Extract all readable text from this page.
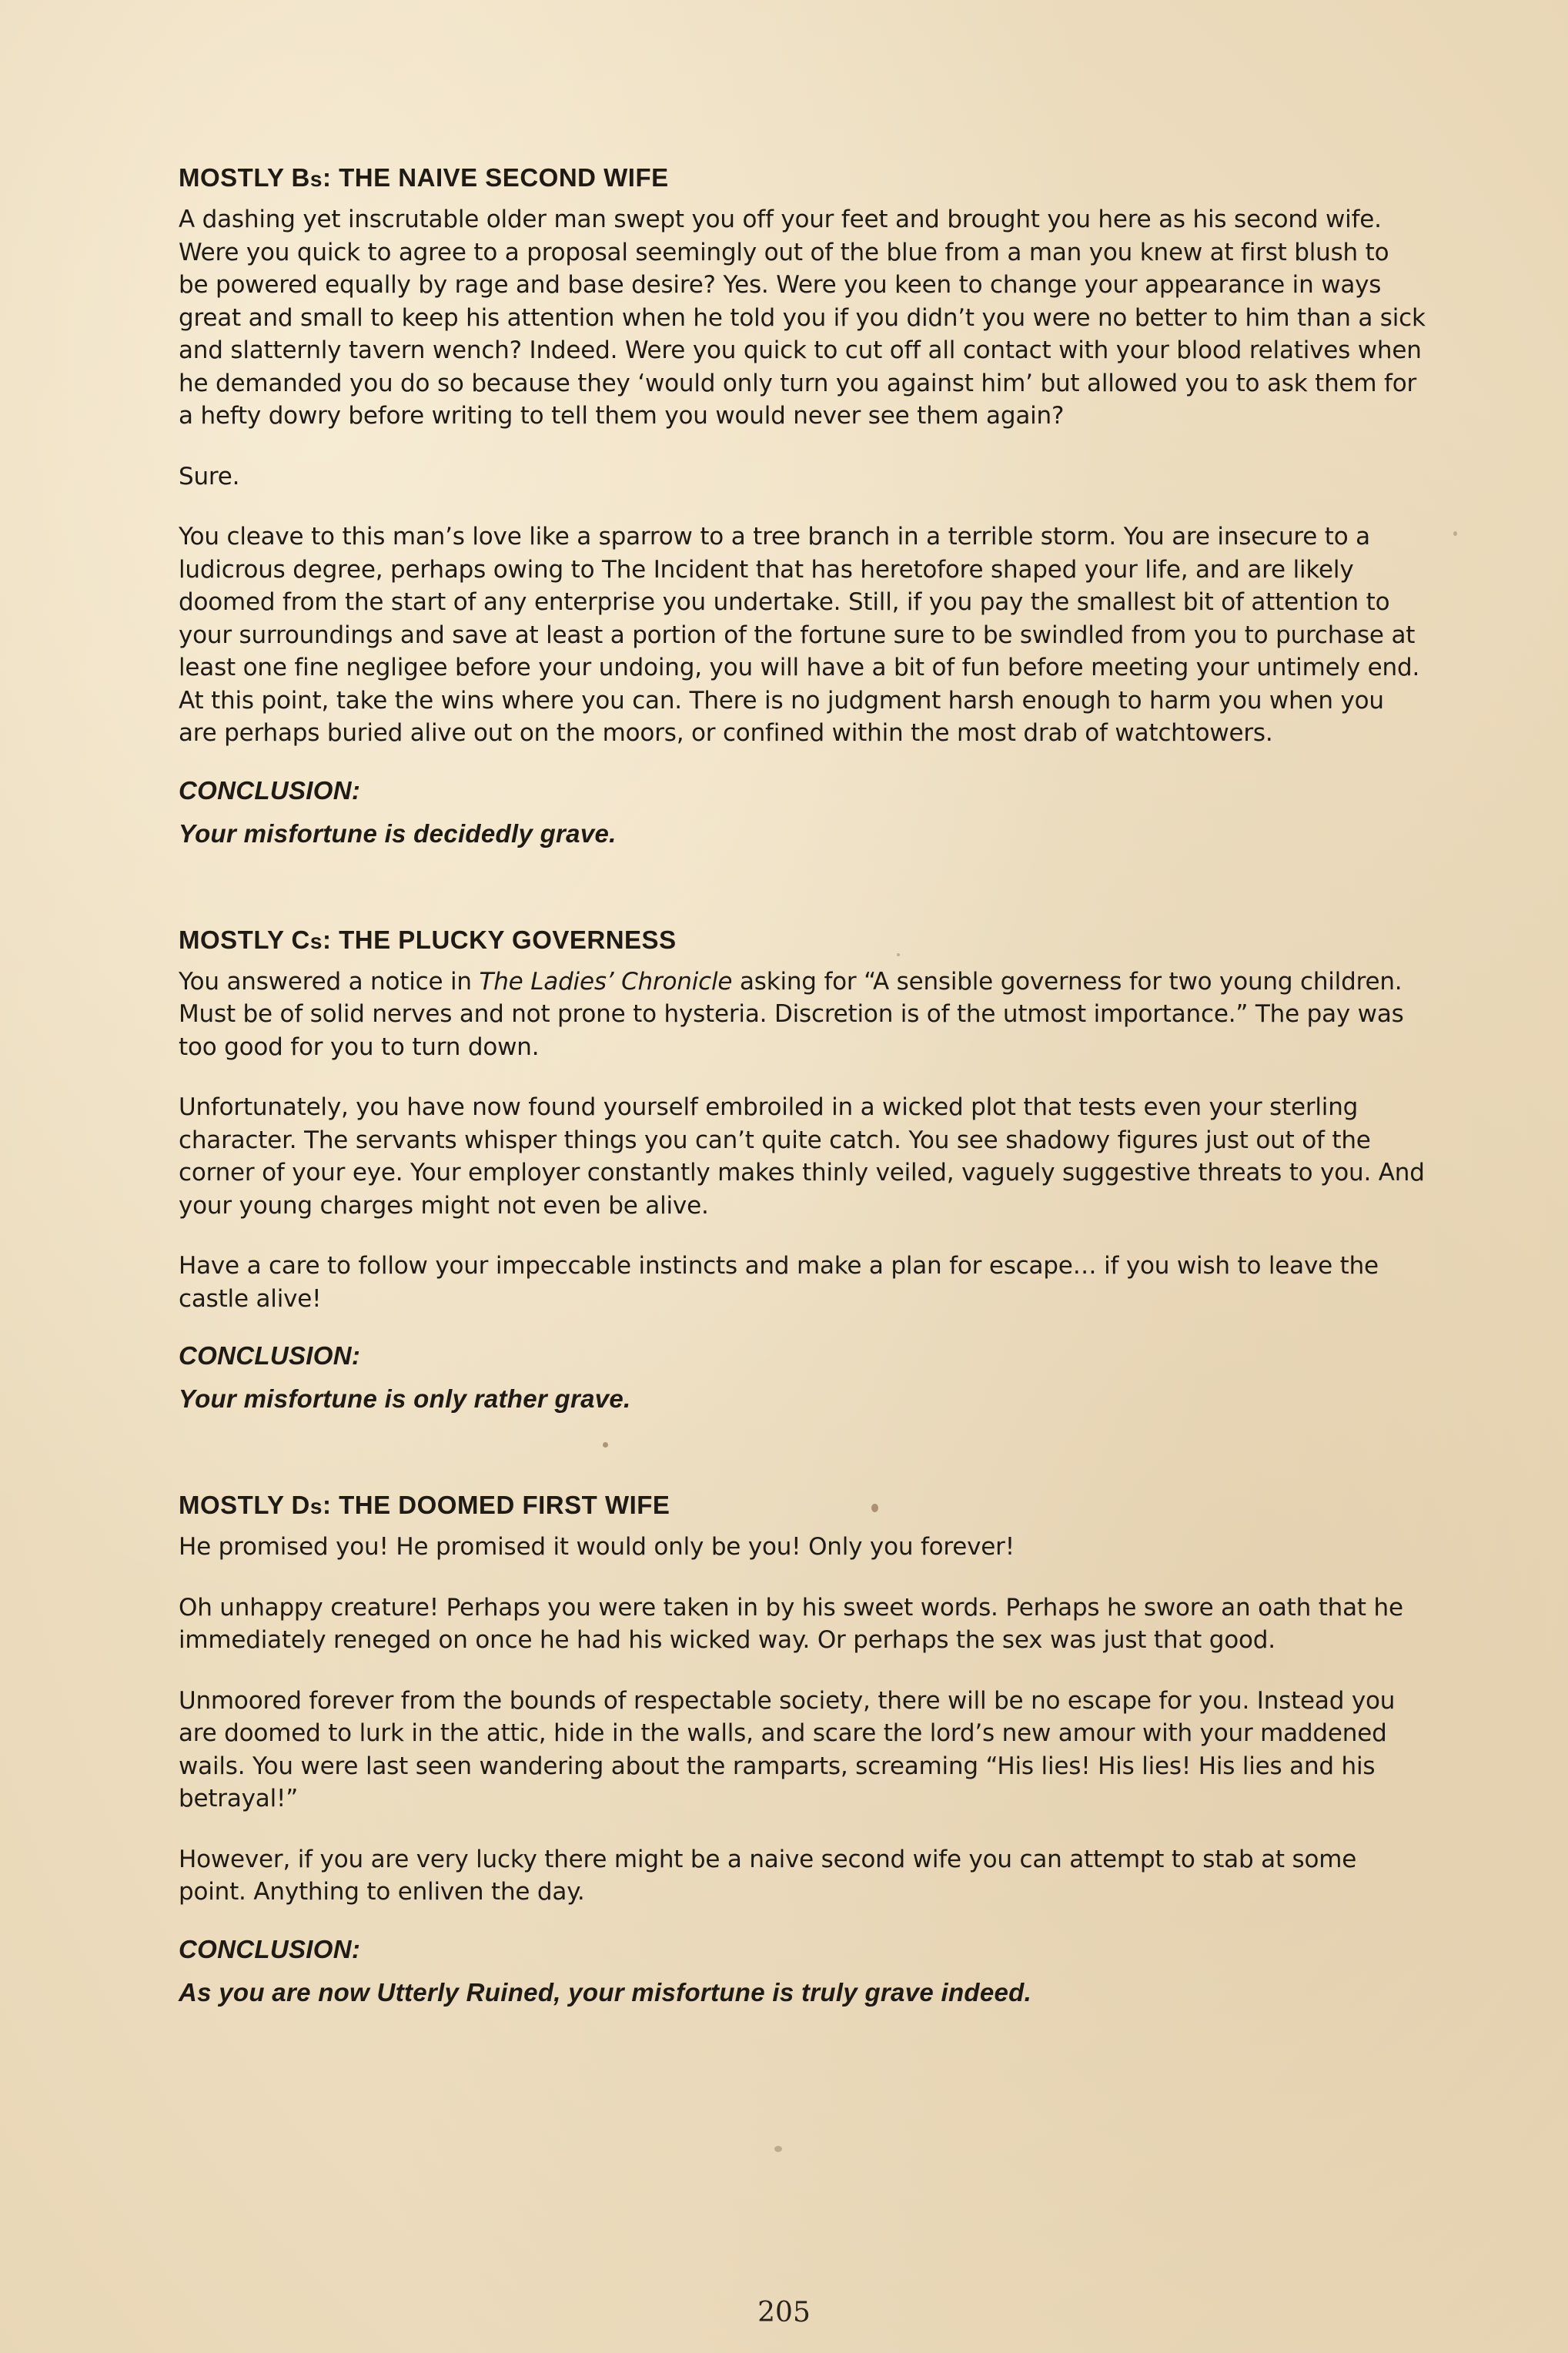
MOSTLY Bs: THE NAIVE SECOND WIFE

A dashing yet inscrutable older man swept you off your feet and brought you here as his second wife. Were you quick to agree to a proposal seemingly out of the blue from a man you knew at first blush to be powered equally by rage and base desire? Yes. Were you keen to change your appearance in ways great and small to keep his attention when he told you if you didn’t you were no better to him than a sick and slatternly tavern wench? Indeed. Were you quick to cut off all contact with your blood relatives when he demanded you do so because they ‘would only turn you against him’ but allowed you to ask them for a hefty dowry before writing to tell them you would never see them again?

Sure.

You cleave to this man’s love like a sparrow to a tree branch in a terrible storm. You are insecure to a ludicrous degree, perhaps owing to The Incident that has heretofore shaped your life, and are likely doomed from the start of any enterprise you undertake. Still, if you pay the smallest bit of attention to your surroundings and save at least a portion of the fortune sure to be swindled from you to purchase at least one fine negligee before your undoing, you will have a bit of fun before meeting your untimely end. At this point, take the wins where you can. There is no judgment harsh enough to harm you when you are perhaps buried alive out on the moors, or confined within the most drab of watchtowers.

CONCLUSION:

Your misfortune is decidedly grave.

MOSTLY Cs: THE PLUCKY GOVERNESS

You answered a notice in The Ladies’ Chronicle asking for “A sensible governess for two young children. Must be of solid nerves and not prone to hysteria. Discretion is of the utmost importance.” The pay was too good for you to turn down.

Unfortunately, you have now found yourself embroiled in a wicked plot that tests even your sterling character. The servants whisper things you can’t quite catch. You see shadowy figures just out of the corner of your eye. Your employer constantly makes thinly veiled, vaguely suggestive threats to you. And your young charges might not even be alive.

Have a care to follow your impeccable instincts and make a plan for escape… if you wish to leave the castle alive!

CONCLUSION:

Your misfortune is only rather grave.

MOSTLY Ds: THE DOOMED FIRST WIFE

He promised you! He promised it would only be you! Only you forever!

Oh unhappy creature! Perhaps you were taken in by his sweet words. Perhaps he swore an oath that he immediately reneged on once he had his wicked way. Or perhaps the sex was just that good.

Unmoored forever from the bounds of respectable society, there will be no escape for you. Instead you are doomed to lurk in the attic, hide in the walls, and scare the lord’s new amour with your maddened wails. You were last seen wandering about the ramparts, screaming “His lies! His lies! His lies and his betrayal!”

However, if you are very lucky there might be a naive second wife you can attempt to stab at some point. Anything to enliven the day.

CONCLUSION:

As you are now Utterly Ruined, your misfortune is truly grave indeed.

205
